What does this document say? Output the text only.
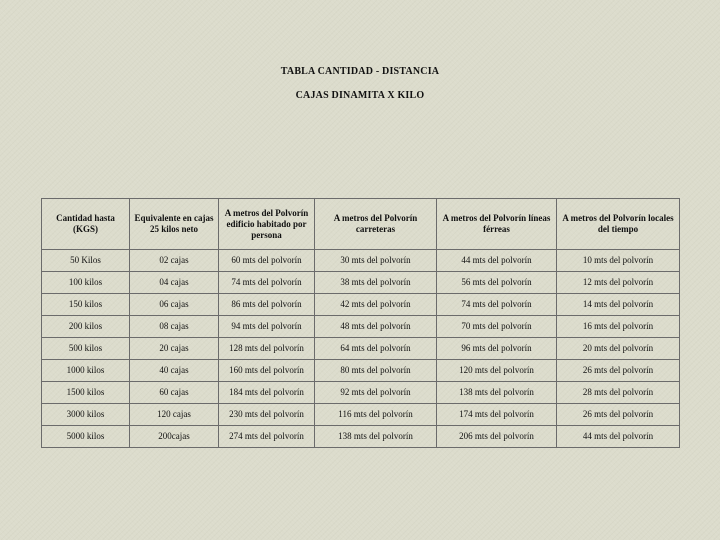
TABLA CANTIDAD - DISTANCIA
CAJAS DINAMITA X KILO
Cantidad hasta (KGS)	Equivalente en cajas 25 kilos neto	A metros del Polvorín edificio habitado por persona	A metros del Polvorín carreteras	A metros del Polvorín líneas férreas	A metros del Polvorín locales del tiempo
50 Kilos	02 cajas	60 mts del polvorín	30 mts del polvorín	44 mts del polvorín	10 mts del polvorín
100 kilos	04 cajas	74 mts del polvorín	38 mts del polvorín	56 mts del polvorín	12 mts del polvorín
150 kilos	06 cajas	86 mts del polvorín	42 mts del polvorín	74 mts del polvorín	14 mts del polvorín
200 kilos	08 cajas	94 mts del polvorín	48 mts del polvorín	70 mts del polvorín	16 mts del polvorín
500 kilos	20 cajas	128 mts del polvorín	64 mts del polvorín	96 mts del polvorín	20 mts del polvorín
1000 kilos	40 cajas	160 mts del polvorín	80 mts del polvorín	120 mts del polvorín	26 mts del polvorín
1500 kilos	60 cajas	184 mts del polvorín	92 mts del polvorín	138 mts del polvorín	28 mts del polvorín
3000 kilos	120 cajas	230 mts del polvorín	116 mts del polvorín	174 mts del polvorín	26 mts del polvorín
5000 kilos	200cajas	274 mts del polvorín	138 mts del polvorín	206 mts del polvorín	44 mts del polvorín
